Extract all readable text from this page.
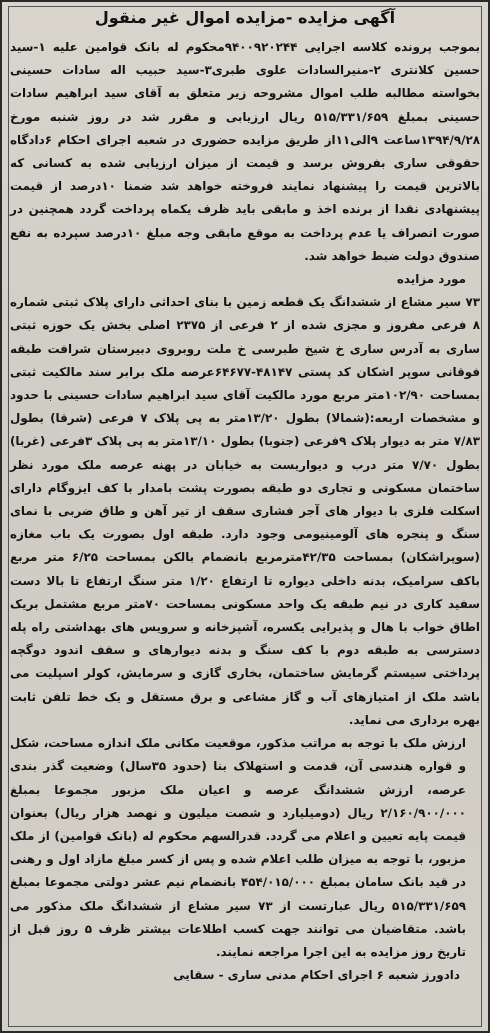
آگهی مزایده -مزایده اموال غیر منقول

بموجب پرونده کلاسه اجرایی ۹۴۰۰۹۲۰۲۴۴محکوم له بانک قوامین علیه ۱-سید حسین کلانتری ۲-منیرالسادات علوی طبری۳-سید حبیب اله سادات حسینی بخواسته مطالبه طلب اموال مشروحه زیر متعلق به آقای سید ابراهیم سادات حسینی بمبلغ ۵۱۵/۳۳۱/۶۵۹ ریال ارزیابی و مقرر شد در روز شنبه مورخ ۱۳۹۴/۹/۲۸ساعت ۹الی۱۱از طریق مزایده حضوری در شعبه اجرای احکام ۶دادگاه حقوقی ساری بفروش برسد و قیمت از میزان ارزیابی شده به کسانی که بالاترین قیمت را پیشنهاد نمایند فروخته خواهد شد ضمنا ۱۰درصد از قیمت پیشنهادی نقدا از برنده اخذ و مابقی باید ظرف یکماه پرداخت گردد همچنین در صورت انصراف یا عدم پرداخت به موقع مابقی وجه مبلغ ۱۰درصد سپرده به نفع صندوق دولت ضبط خواهد شد.

مورد مزایده

۷۳ سیر مشاع از ششدانگ یک قطعه زمین با بنای احداثی دارای پلاک ثبتی شماره ۸ فرعی مفروز و مجزی شده از ۲ فرعی از ۲۳۷۵ اصلی بخش یک حوزه ثبتی ساری به آدرس ساری خ شیخ طبرسی خ ملت روبروی دبیرستان شرافت طبقه فوقانی سوپر اشکان کد پستی ۴۸۱۴۷-۶۴۶۷۷عرصه ملک برابر سند مالکیت ثبتی بمساحت ۱۰۲/۹۰متر مربع مورد مالکیت آقای سید ابراهیم سادات حسینی با حدود و مشخصات اربعه:(شمالا) بطول ۱۳/۲۰متر به پی پلاک ۷ فرعی (شرقا) بطول ۷/۸۳ متر به دیوار پلاک ۹فرعی (جنوبا) بطول ۱۳/۱۰متر به پی پلاک ۳فرعی (غربا) بطول ۷/۷۰ متر درب و دیواریست به خیابان در پهنه عرصه ملک مورد نظر ساختمان مسکونی و تجاری دو طبقه بصورت پشت بامدار با کف ایزوگام دارای اسکلت فلزی با دیوار های آجر فشاری سقف از تیر آهن و طاق ضربی با نمای سنگ و پنجره های آلومینیومی وجود دارد. طبقه اول بصورت یک باب مغازه (سوپراشکان) بمساحت ۴۲/۳۵مترمربع بانضمام بالکن بمساحت ۶/۲۵ متر مربع باکف سرامیک، بدنه داخلی دیواره تا ارتفاع ۱/۲۰ متر سنگ ارتفاع تا بالا دست سفید کاری در نیم طبقه یک واحد مسکونی بمساحت ۷۰متر مربع مشتمل بریک اطاق خواب با هال و پذیرایی یکسره، آشپزخانه و سرویس های بهداشتی راه پله دسترسی به طبقه دوم با کف سنگ و بدنه دیوارهای و سقف اندود دوگچه پرداختی سیستم گرمایش ساختمان، بخاری گازی و سرمایش، کولر اسپلیت می باشد ملک از امتیازهای آب و گاز مشاعی و برق مستقل و یک خط تلفن ثابت بهره برداری می نماید.

ارزش ملک با توجه به مراتب مذکور، موقعیت مکانی ملک اندازه مساحت، شکل و قواره هندسی آن، قدمت و استهلاک بنا (حدود ۳۵سال) وضعیت گذر بندی عرصه، ارزش ششدانگ عرصه و اعیان ملک مزبور مجموعا بمبلغ ۲/۱۶۰/۹۰۰/۰۰۰ ریال (دومیلیارد و شصت میلیون و نهصد هزار ریال) بعنوان قیمت پایه تعیین و اعلام می گردد. قدرالسهم محکوم له (بانک قوامین) از ملک مزبور، با توجه به میزان طلب اعلام شده و پس از کسر مبلغ مازاد اول و رهنی در قید بانک سامان بمبلغ ۴۵۴/۰۱۵/۰۰۰ بانضمام نیم عشر دولتی مجموعا بمبلغ ۵۱۵/۳۳۱/۶۵۹ ریال عبارتست از ۷۳ سیر مشاع از ششدانگ ملک مذکور می باشد. متقاضیان می توانند جهت کسب اطلاعات بیشتر ظرف ۵ روز قبل از تاریخ روز مزایده به این اجرا مراجعه نمایند.

دادورز شعبه ۶ اجرای احکام مدنی ساری - سقایی
